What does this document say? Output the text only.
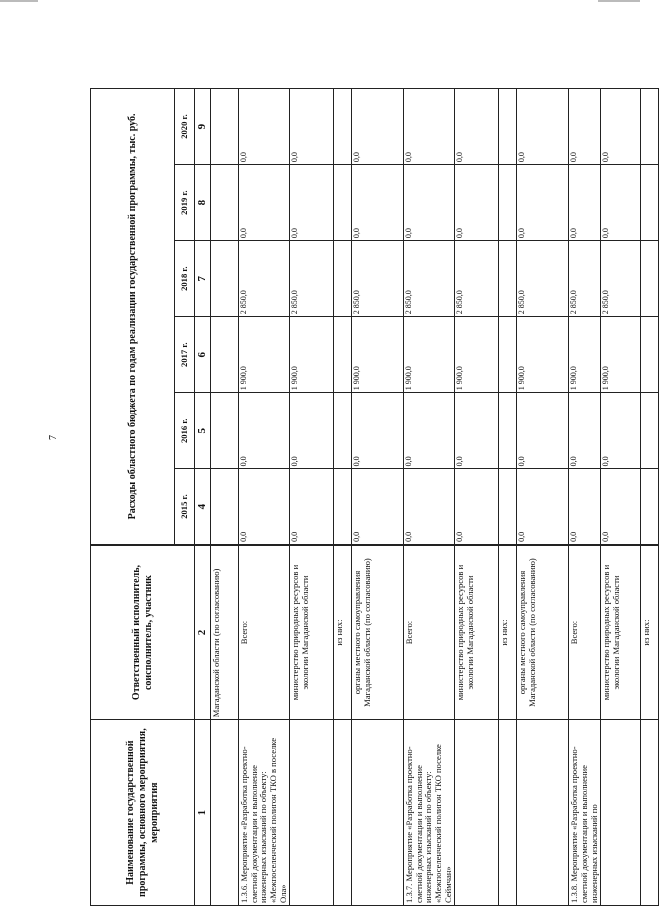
7
Наименование государственной программы, основного мероприятия, мероприятия	Ответственный исполнитель, соисполнитель, участник	Расходы областного бюджета по годам реализации государственной программы, тыс. руб.					
		2015 г.	2016 г.	2017 г.	2018 г.	2019 г.	2020 г.
1	2	4	5	6	7	8	9
	Магаданской области (по согласованию)						
1.3.6. Мероприятие «Разработка проектно-сметной документации и выполнение инженерных изысканий по объекту: «Межпоселенческий полигон ТКО в поселке Ола»	Всего:	0,0	0,0	1 900,0	2 850,0	0,0	0,0
	министерство природных ресурсов и экологии Магаданской области	0,0	0,0	1 900,0	2 850,0	0,0	0,0
	из них:						
	органы местного самоуправления Магаданской области (по согласованию)	0,0	0,0	1 900,0	2 850,0	0,0	0,0
1.3.7. Мероприятие «Разработка проектно-сметной документации и выполнение инженерных изысканий по объекту: «Межпоселенческий полигон ТКО поселке Сеймчан»	Всего:	0,0	0,0	1 900,0	2 850,0	0,0	0,0
	министерство природных ресурсов и экологии Магаданской области	0,0	0,0	1 900,0	2 850,0	0,0	0,0
	из них:						
	органы местного самоуправления Магаданской области (по согласованию)	0,0	0,0	1 900,0	2 850,0	0,0	0,0
1.3.8. Мероприятие «Разработка проектно-сметной документации и выполнение инженерных изысканий по	Всего:	0,0	0,0	1 900,0	2 850,0	0,0	0,0
	министерство природных ресурсов и экологии Магаданской области	0,0	0,0	1 900,0	2 850,0	0,0	0,0
	из них:						
